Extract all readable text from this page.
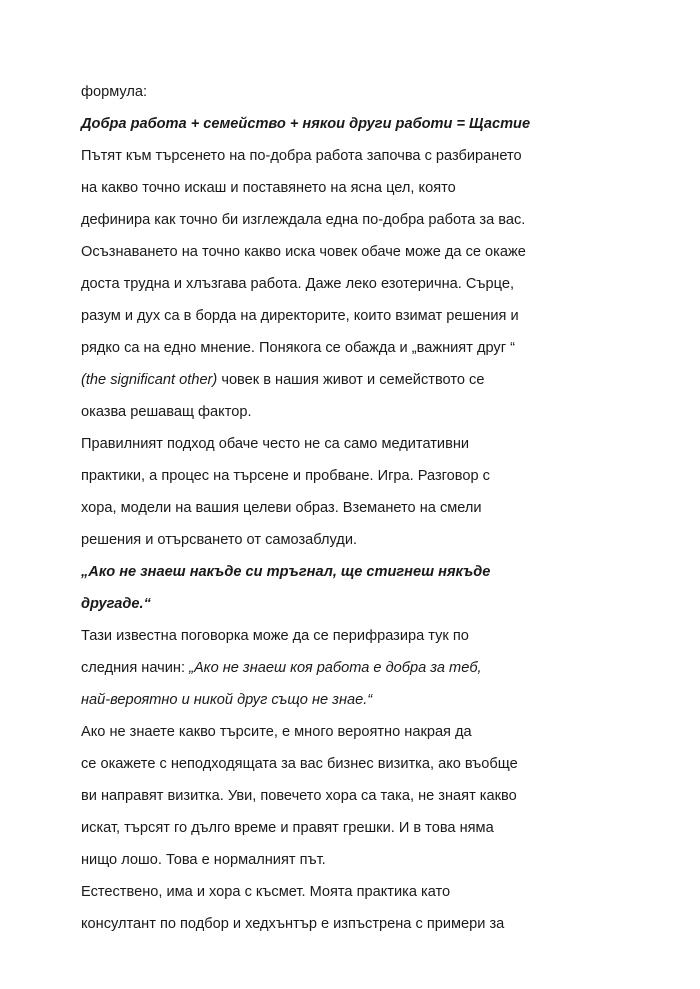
формула:
Добра работа + семейство + някои други работи = Щастие
Пътят към търсенето на по-добра работа започва с разбирането
на какво точно искаш и поставянето на ясна цел, която
дефинира как точно би изглеждала една по-добра работа за вас.
Осъзнаването на точно какво иска човек обаче може да се окаже
доста трудна и хлъзгава работа. Даже леко езотерична. Сърце,
разум и дух са в борда на директорите, които взимат решения и
рядко са на едно мнение. Понякога се обажда и „важният друг “
(the significant other) човек в нашия живот и семейството се
оказва решаващ фактор.
Правилният подход обаче често не са само медитативни
практики, а процес на търсене и пробване. Игра. Разговор с
хора, модели на вашия целеви образ. Вземането на смели
решения и отърсването от самозаблуди.
„Ако не знаеш накъде си тръгнал, ще стигнеш някъде
другаде.“
Тази известна поговорка може да се перифразира тук по
следния начин: „Ако не знаеш коя работа е добра за теб,
най-вероятно и никой друг също не знае.“
Ако не знаете какво търсите, е много вероятно накрая да
се окажете с неподходящата за вас бизнес визитка, ако въобще
ви направят визитка. Уви, повечето хора са така, не знаят какво
искат, търсят го дълго време и правят грешки. И в това няма
нищо лошо. Това е нормалният път.
Естествено, има и хора с късмет. Моята практика като
консултант по подбор и хедхънтър е изпъстрена с примери за
